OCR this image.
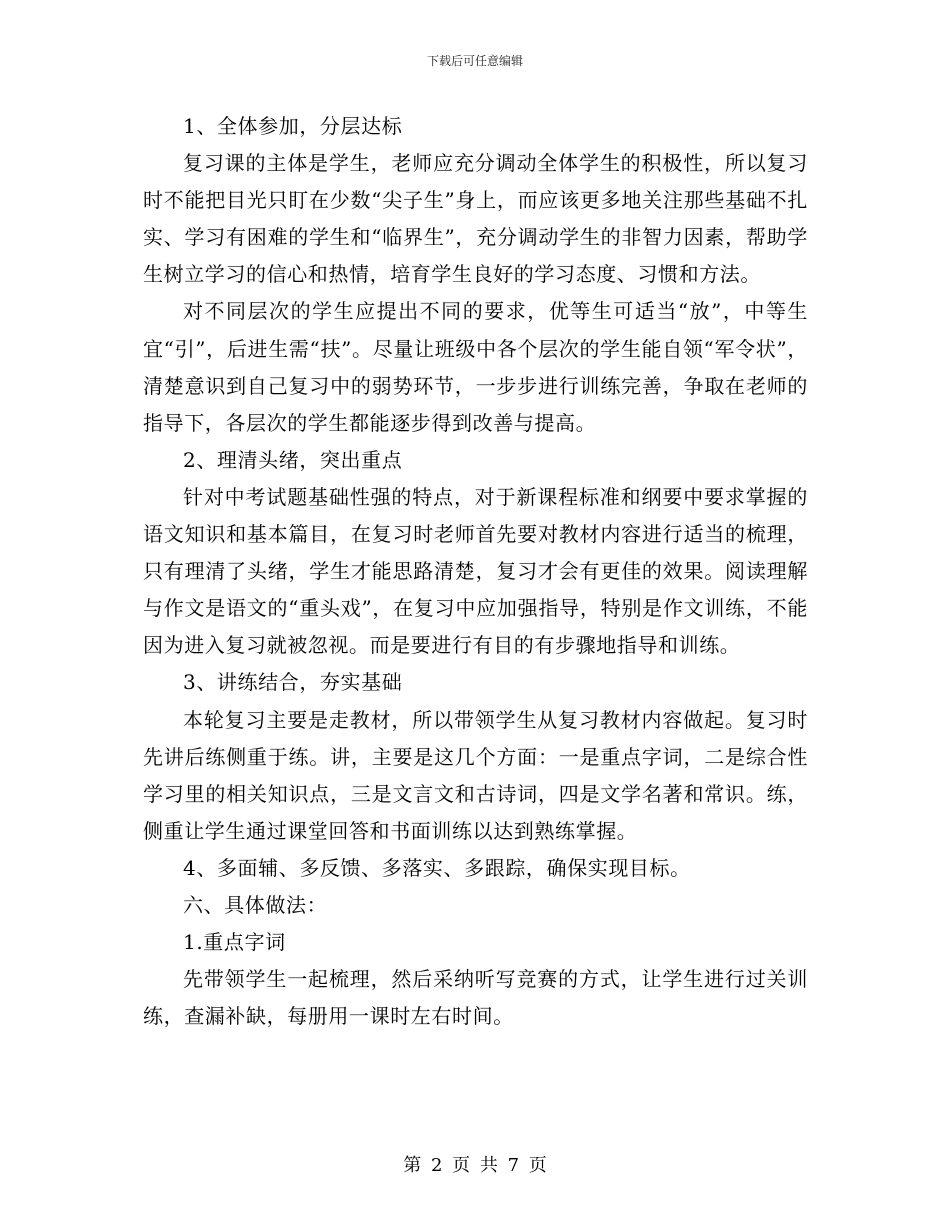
下载后可任意编辑

1、全体参加，分层达标

复习课的主体是学生，老师应充分调动全体学生的积极性，所以复习时不能把目光只盯在少数“尖子生”身上，而应该更多地关注那些基础不扎实、学习有困难的学生和“临界生”，充分调动学生的非智力因素，帮助学生树立学习的信心和热情，培育学生良好的学习态度、习惯和方法。

对不同层次的学生应提出不同的要求，优等生可适当“放”，中等生宜“引”，后进生需“扶”。尽量让班级中各个层次的学生能自领“军令状”，清楚意识到自己复习中的弱势环节，一步步进行训练完善，争取在老师的指导下，各层次的学生都能逐步得到改善与提高。

2、理清头绪，突出重点

针对中考试题基础性强的特点，对于新课程标准和纲要中要求掌握的语文知识和基本篇目，在复习时老师首先要对教材内容进行适当的梳理，只有理清了头绪，学生才能思路清楚，复习才会有更佳的效果。阅读理解与作文是语文的“重头戏”，在复习中应加强指导，特别是作文训练，不能因为进入复习就被忽视。而是要进行有目的有步骤地指导和训练。

3、讲练结合，夯实基础

本轮复习主要是走教材，所以带领学生从复习教材内容做起。复习时先讲后练侧重于练。讲，主要是这几个方面：一是重点字词，二是综合性学习里的相关知识点，三是文言文和古诗词，四是文学名著和常识。练，侧重让学生通过课堂回答和书面训练以达到熟练掌握。

4、多面辅、多反馈、多落实、多跟踪，确保实现目标。

六、具体做法：

1.重点字词

先带领学生一起梳理，然后采纳听写竞赛的方式，让学生进行过关训练，查漏补缺，每册用一课时左右时间。

第 2 页 共 7 页
